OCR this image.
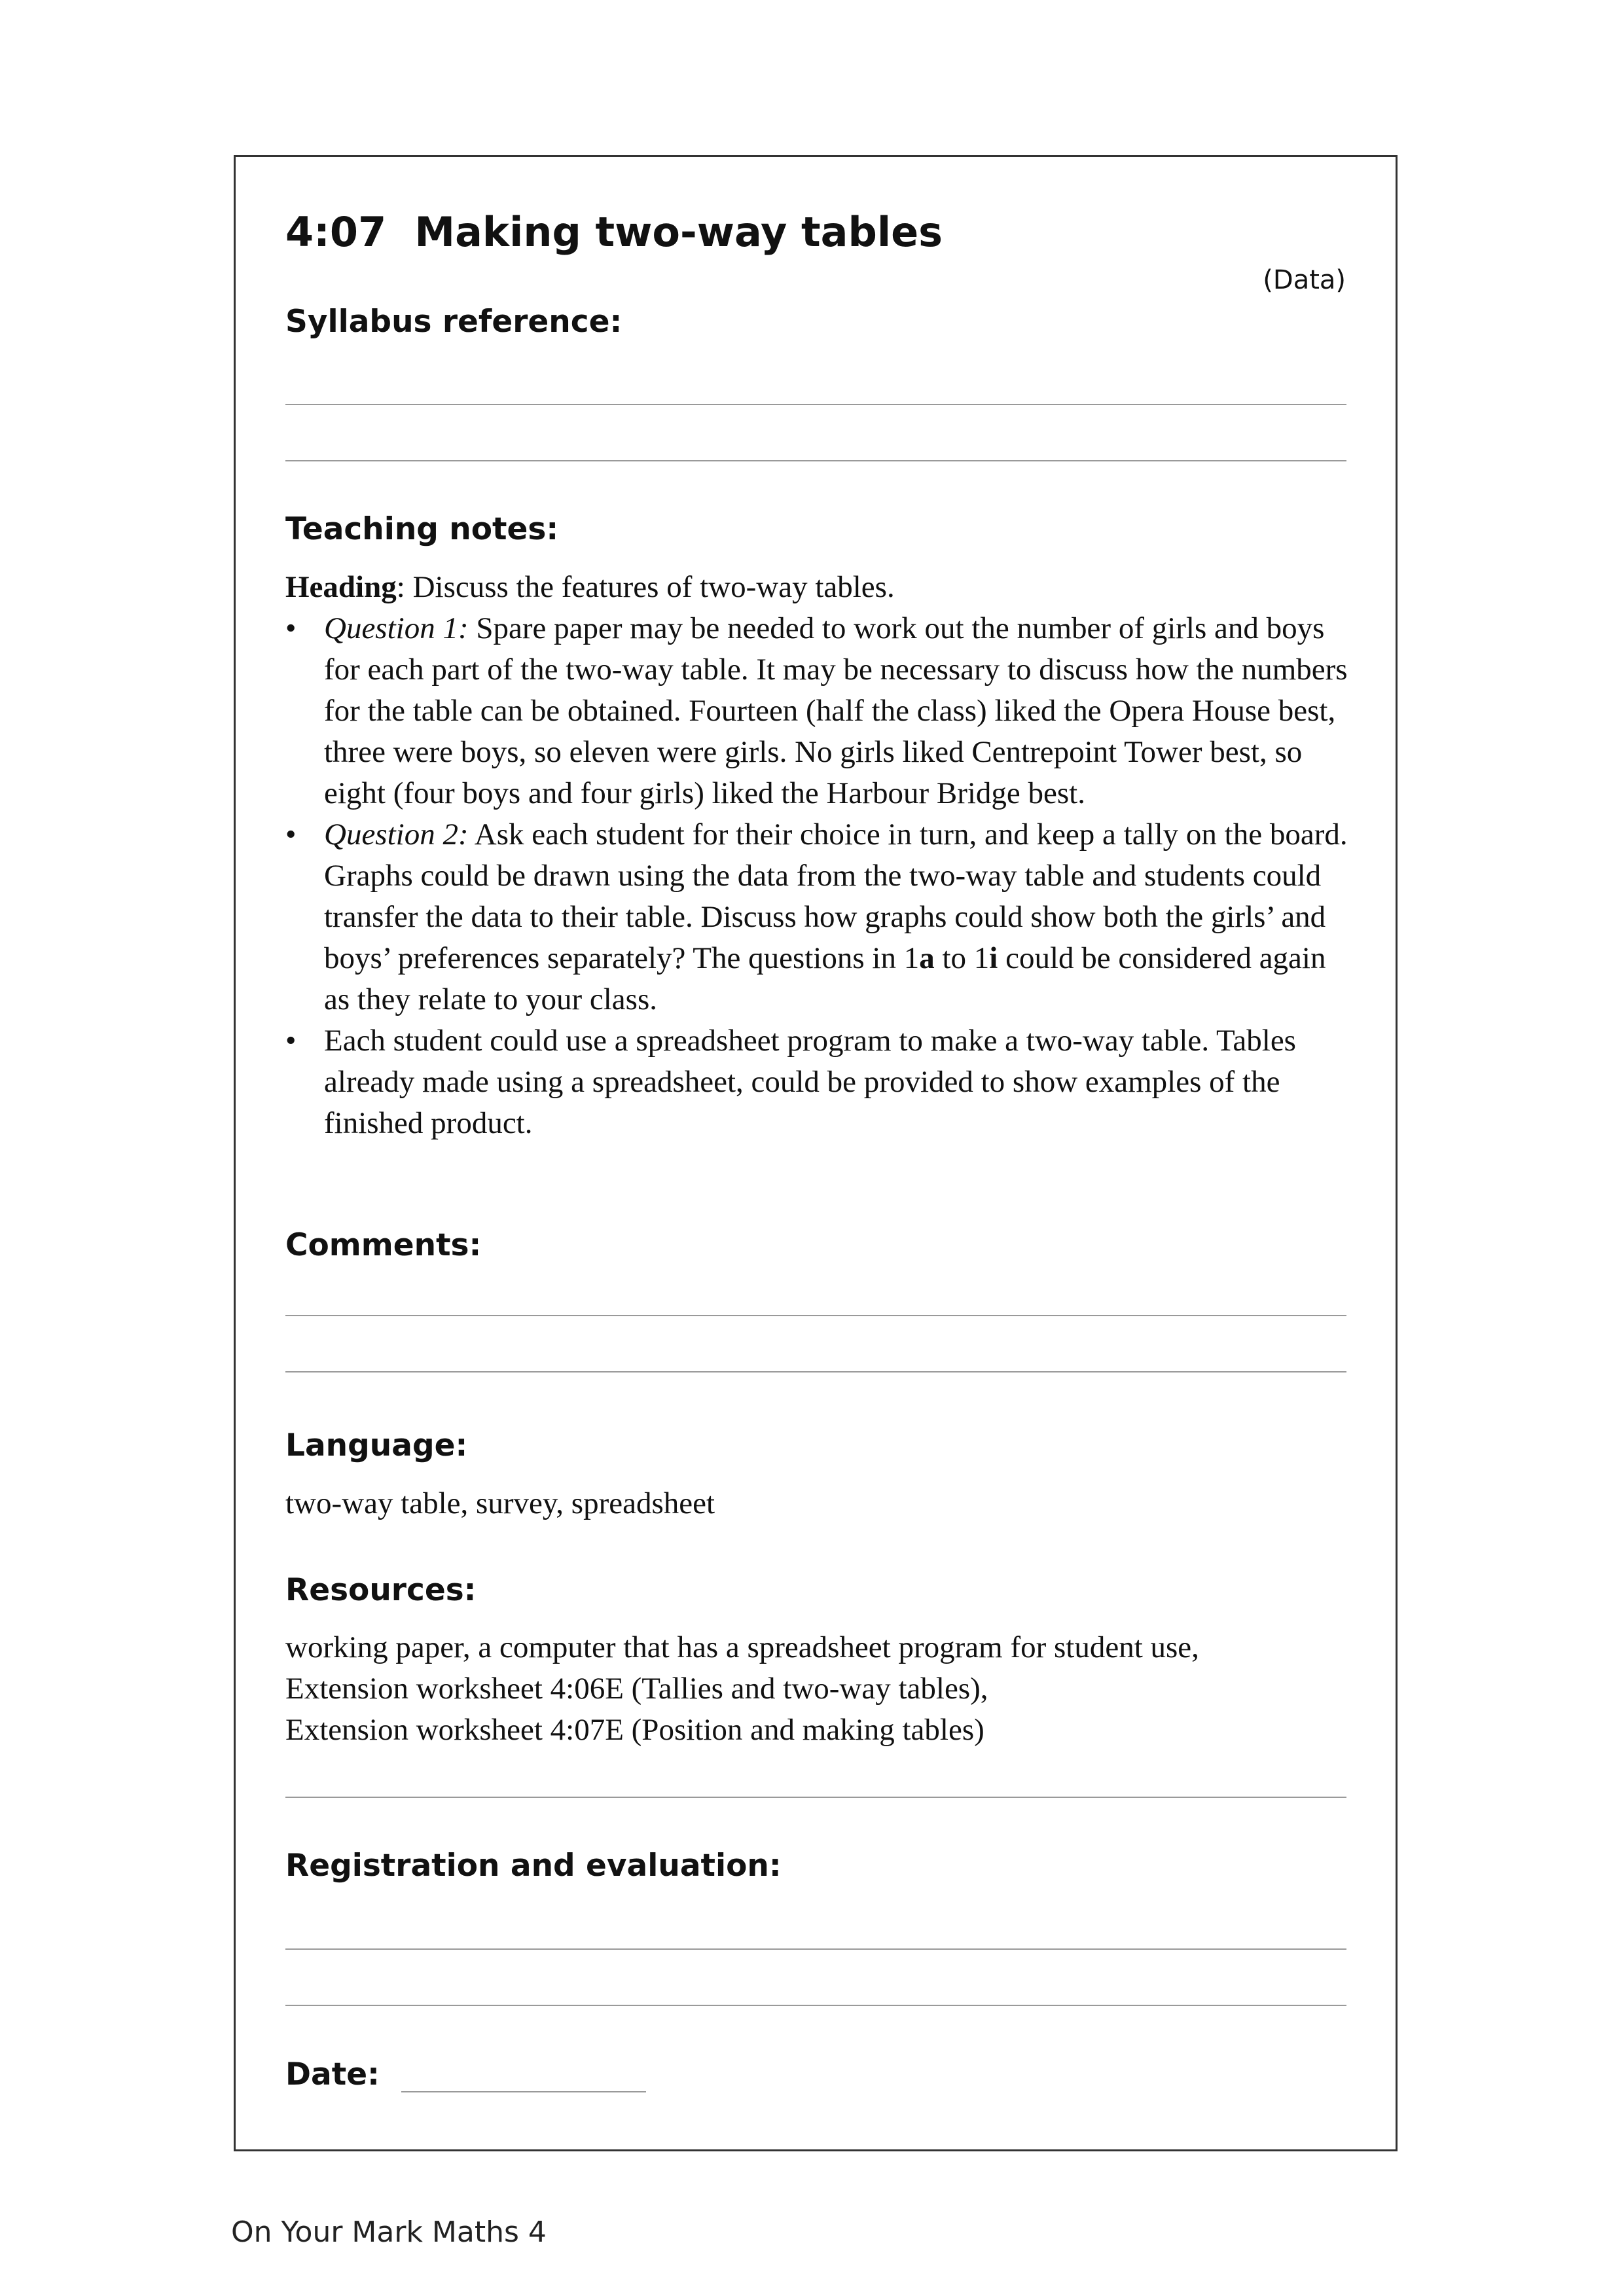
4:07 Making two-way tables
(Data)
Syllabus reference:
Teaching notes:

Heading: Discuss the features of two-way tables.

• Question 1: Spare paper may be needed to work out the number of girls and boys for each part of the two-way table. It may be necessary to discuss how the numbers for the table can be obtained. Fourteen (half the class) liked the Opera House best, three were boys, so eleven were girls. No girls liked Centrepoint Tower best, so eight (four boys and four girls) liked the Harbour Bridge best.
• Question 2: Ask each student for their choice in turn, and keep a tally on the board. Graphs could be drawn using the data from the two-way table and students could transfer the data to their table. Discuss how graphs could show both the girls’ and boys’ preferences separately? The questions in 1a to 1i could be considered again as they relate to your class.
• Each student could use a spreadsheet program to make a two-way table. Tables already made using a spreadsheet, could be provided to show examples of the finished product.
Comments:
Language:
two-way table, survey, spreadsheet
Resources:

working paper, a computer that has a spreadsheet program for student use,

Extension worksheet 4:06E (Tallies and two-way tables),

Extension worksheet 4:07E (Position and making tables)

Registration and evaluation:
Date:
On Your Mark Maths 4
